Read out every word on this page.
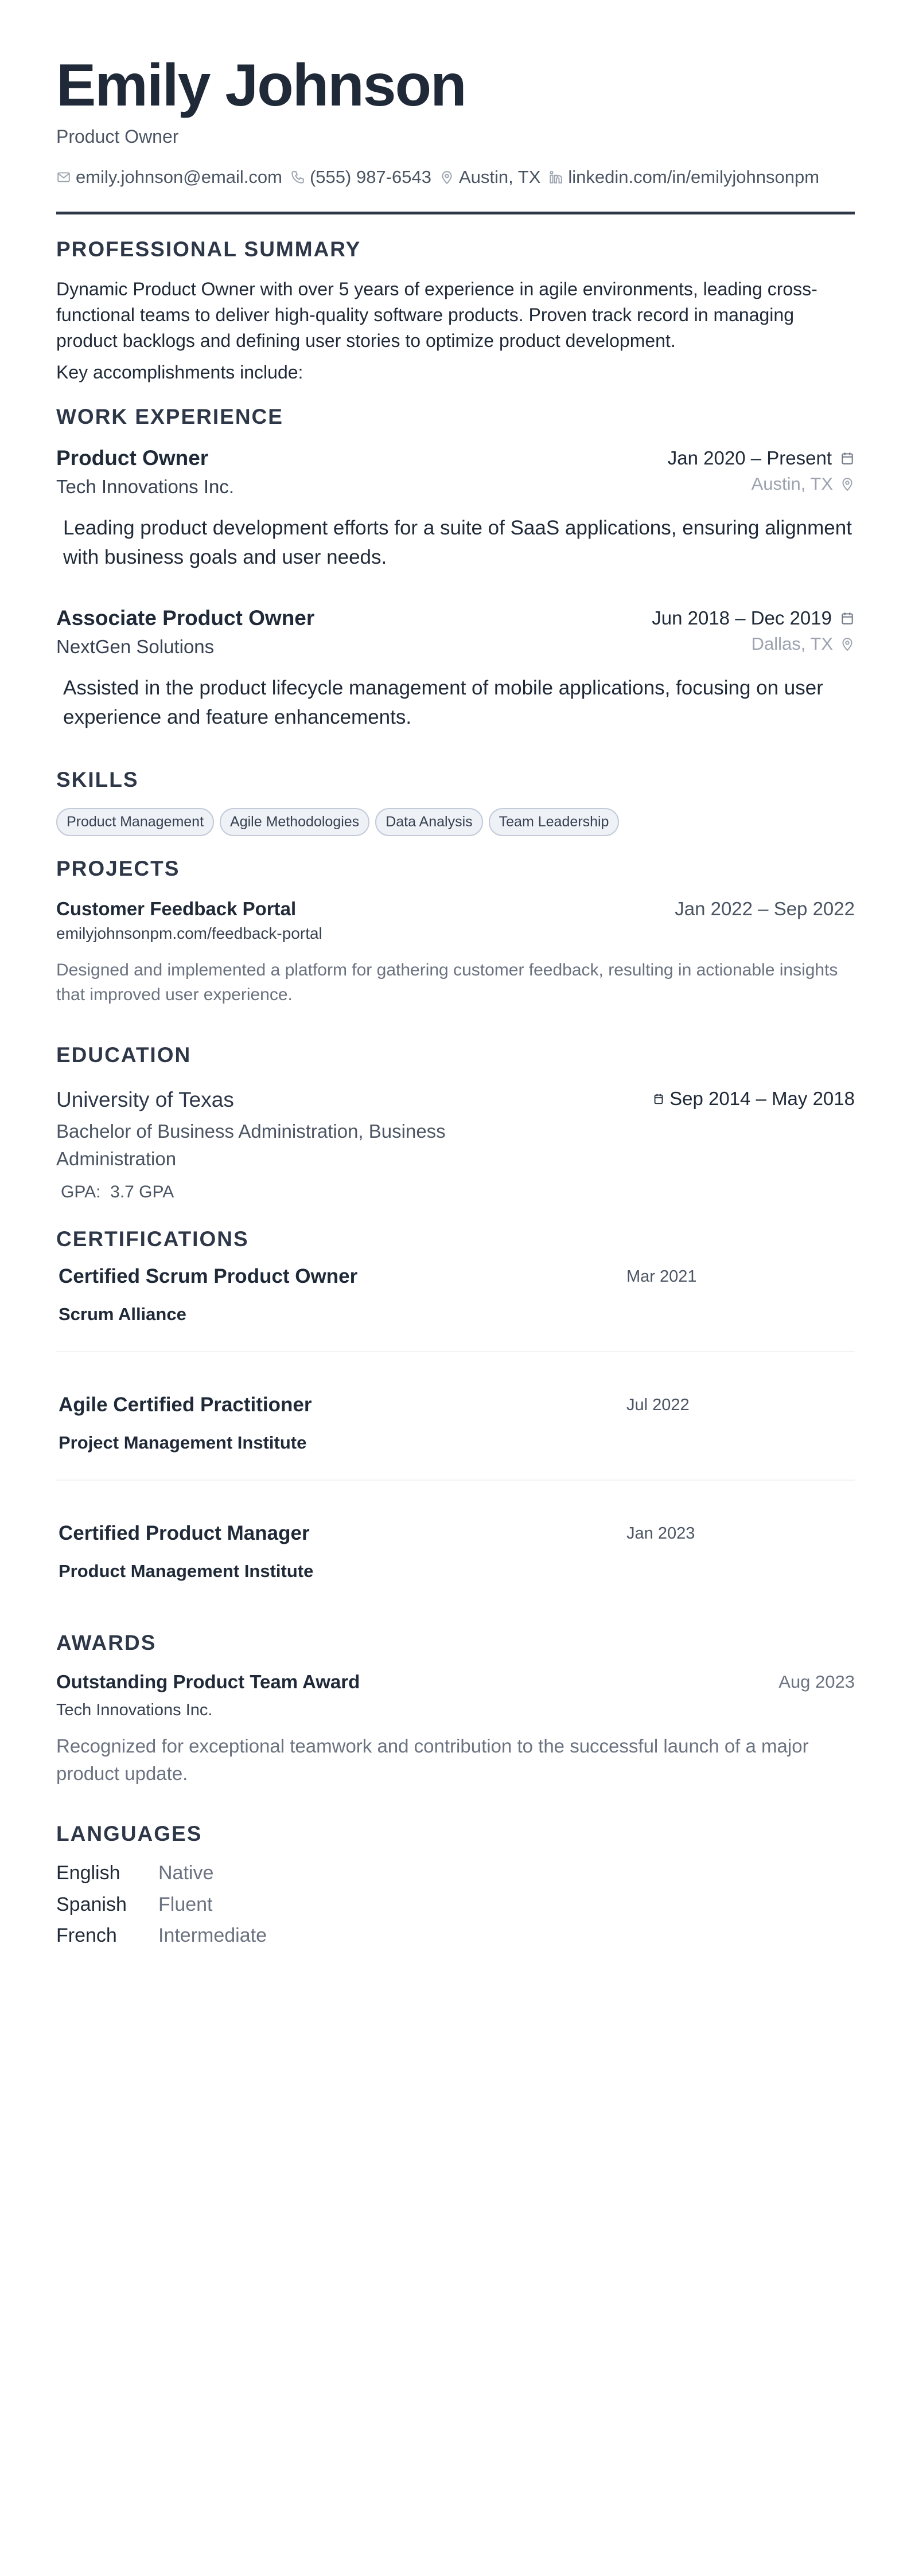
Emily Johnson
Product Owner
emily.johnson@email.com (555) 987-6543 Austin, TX linkedin.com/in/emilyjohnsonpm
PROFESSIONAL SUMMARY

Dynamic Product Owner with over 5 years of experience in agile environments, leading cross-functional teams to deliver high-quality software products. Proven track record in managing product backlogs and defining user stories to optimize product development.

Key accomplishments include:

WORK EXPERIENCE
Product Owner	Jan 2020 – Present
Tech Innovations Inc.	Austin, TX

Leading product development efforts for a suite of SaaS applications, ensuring alignment with business goals and user needs.

Associate Product Owner	Jun 2018 – Dec 2019
NextGen Solutions	Dallas, TX

Assisted in the product lifecycle management of mobile applications, focusing on user experience and feature enhancements.

SKILLS
Product Management	Agile Methodologies	Data Analysis	Team Leadership
PROJECTS
Customer Feedback Portal	Jan 2022 – Sep 2022
emilyjohnsonpm.com/feedback-portal

Designed and implemented a platform for gathering customer feedback, resulting in actionable insights that improved user experience.

EDUCATION
University of Texas	Sep 2014 – May 2018
Bachelor of Business Administration, Business Administration
GPA: 3.7 GPA
CERTIFICATIONS
Certified Scrum Product Owner
Scrum Alliance
Mar 2021
Agile Certified Practitioner
Project Management Institute
Jul 2022
Certified Product Manager
Product Management Institute
Jan 2023
AWARDS
Outstanding Product Team Award	Aug 2023
Tech Innovations Inc.

Recognized for exceptional teamwork and contribution to the successful launch of a major product update.

LANGUAGES
English	Native
Spanish	Fluent
French	Intermediate
